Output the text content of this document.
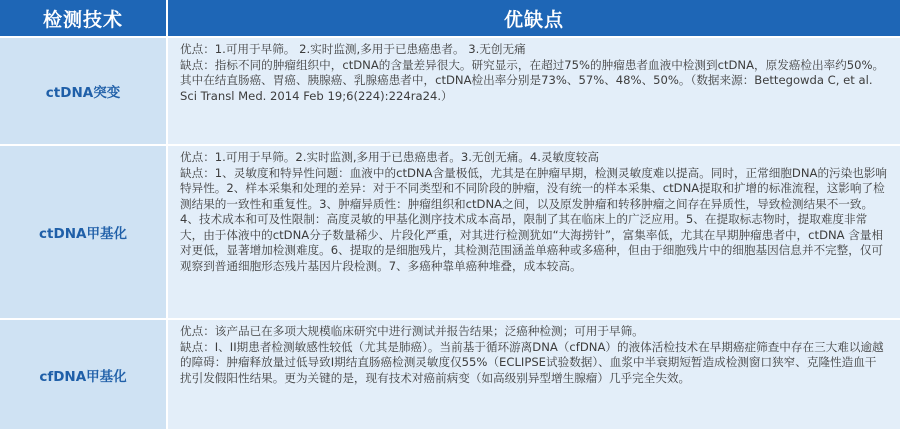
检测技术	优缺点
ctDNA突变

优点：1.可用于早筛。 2.实时监测,多用于已患癌患者。 3.无创无痛

缺点：指标不同的肿瘤组织中，ctDNA的含量差异很大。研究显示，在超过75%的肿瘤患者血液中检测到ctDNA，原发癌检出率约50%。其中在结直肠癌、胃癌、胰腺癌、乳腺癌患者中，ctDNA检出率分别是73%、57%、48%、50%。（数据来源：Bettegowda C, et al. Sci Transl Med. 2014 Feb 19;6(224):224ra24.）

ctDNA甲基化

优点：1.可用于早筛。2.实时监测,多用于已患癌患者。3.无创无痛。4.灵敏度较高

缺点：1、灵敏度和特异性问题：血液中的ctDNA含量极低，尤其是在肿瘤早期，检测灵敏度难以提高。同时，正常细胞DNA的污染也影响特异性。2、样本采集和处理的差异：对于不同类型和不同阶段的肿瘤，没有统一的样本采集、ctDNA提取和扩增的标准流程，这影响了检测结果的一致性和重复性。3、肿瘤异质性：肿瘤组织和ctDNA之间，以及原发肿瘤和转移肿瘤之间存在异质性，导致检测结果不一致。4、技术成本和可及性限制：高度灵敏的甲基化测序技术成本高昂，限制了其在临床上的广泛应用。5、在提取标志物时，提取难度非常大，由于体液中的ctDNA分子数量稀少、片段化严重，对其进行检测犹如“大海捞针”，富集率低，尤其在早期肿瘤患者中，ctDNA 含量相对更低，显著增加检测难度。6、提取的是细胞残片，其检测范围涵盖单癌种或多癌种，但由于细胞残片中的细胞基因信息并不完整，仅可观察到普通细胞形态残片基因片段检测。7、多癌种靠单癌种堆叠，成本较高。

cfDNA甲基化

优点：该产品已在多项大规模临床研究中进行测试并报告结果；泛癌种检测；可用于早筛。

缺点：I、II期患者检测敏感性较低（尤其是肺癌）。当前基于循环游离DNA（cfDNA）的液体活检技术在早期癌症筛查中存在三大难以逾越的障碍：肿瘤释放量过低导致I期结直肠癌检测灵敏度仅55%（ECLIPSE试验数据）、血浆中半衰期短暂造成检测窗口狭窄、克隆性造血干扰引发假阳性结果。更为关键的是，现有技术对癌前病变（如高级别异型增生腺瘤）几乎完全失效。
